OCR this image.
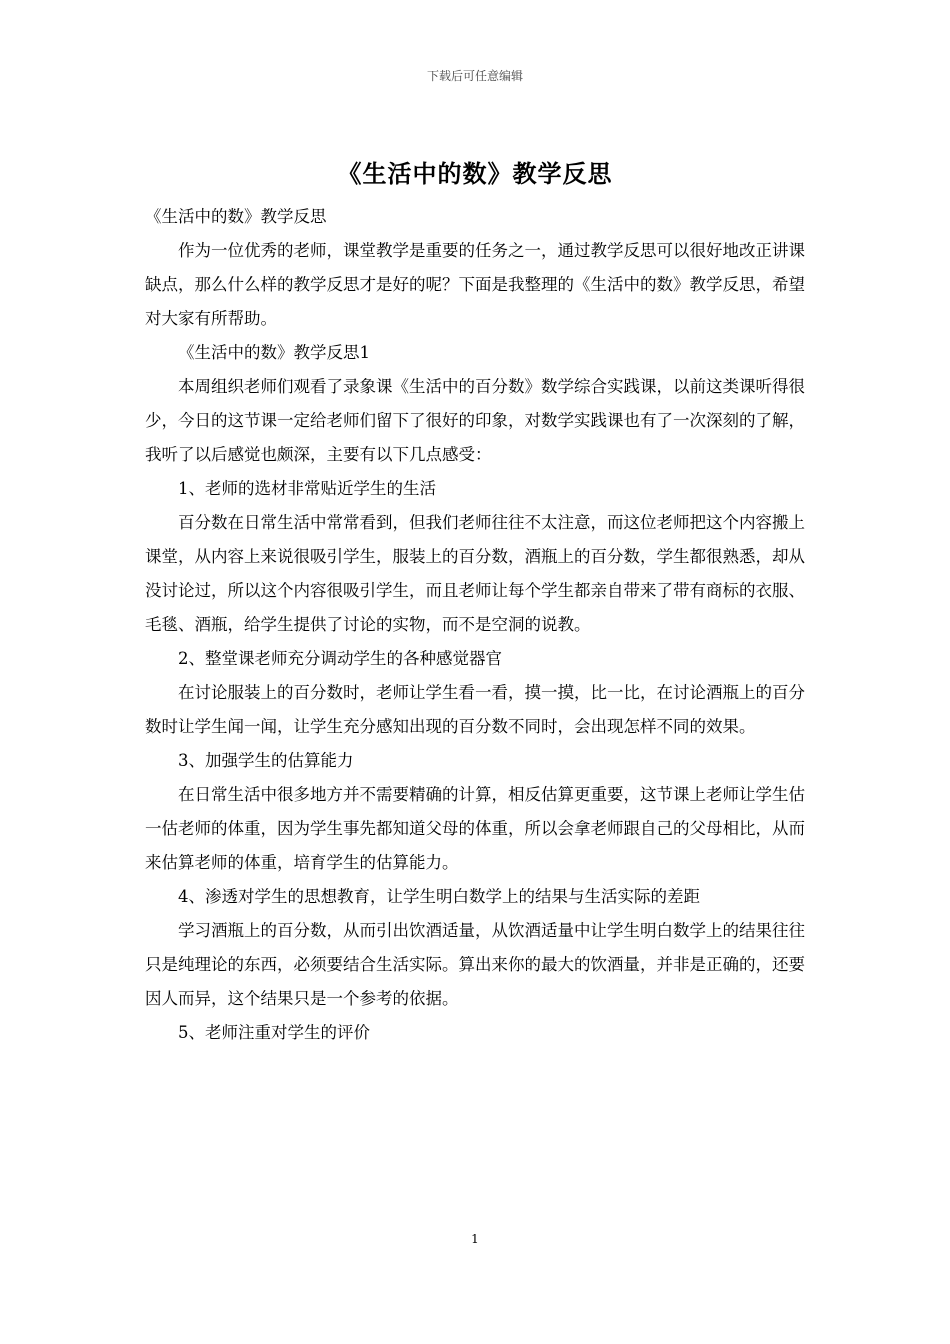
下载后可任意编辑
《生活中的数》教学反思

《生活中的数》教学反思

作为一位优秀的老师，课堂教学是重要的任务之一，通过教学反思可以很好地改正讲课缺点，那么什么样的教学反思才是好的呢？下面是我整理的《生活中的数》教学反思，希望对大家有所帮助。

《生活中的数》教学反思1

本周组织老师们观看了录象课《生活中的百分数》数学综合实践课，以前这类课听得很少，今日的这节课一定给老师们留下了很好的印象，对数学实践课也有了一次深刻的了解，我听了以后感觉也颇深，主要有以下几点感受：

1、老师的选材非常贴近学生的生活

百分数在日常生活中常常看到，但我们老师往往不太注意，而这位老师把这个内容搬上课堂，从内容上来说很吸引学生，服装上的百分数，酒瓶上的百分数，学生都很熟悉，却从没讨论过，所以这个内容很吸引学生，而且老师让每个学生都亲自带来了带有商标的衣服、毛毯、酒瓶，给学生提供了讨论的实物，而不是空洞的说教。

2、整堂课老师充分调动学生的各种感觉器官

在讨论服装上的百分数时，老师让学生看一看，摸一摸，比一比，在讨论酒瓶上的百分数时让学生闻一闻，让学生充分感知出现的百分数不同时，会出现怎样不同的效果。

3、加强学生的估算能力

在日常生活中很多地方并不需要精确的计算，相反估算更重要，这节课上老师让学生估一估老师的体重，因为学生事先都知道父母的体重，所以会拿老师跟自己的父母相比，从而来估算老师的体重，培育学生的估算能力。

4、渗透对学生的思想教育，让学生明白数学上的结果与生活实际的差距

学习酒瓶上的百分数，从而引出饮酒适量，从饮酒适量中让学生明白数学上的结果往往只是纯理论的东西，必须要结合生活实际。算出来你的最大的饮酒量，并非是正确的，还要因人而异，这个结果只是一个参考的依据。

5、老师注重对学生的评价

1
